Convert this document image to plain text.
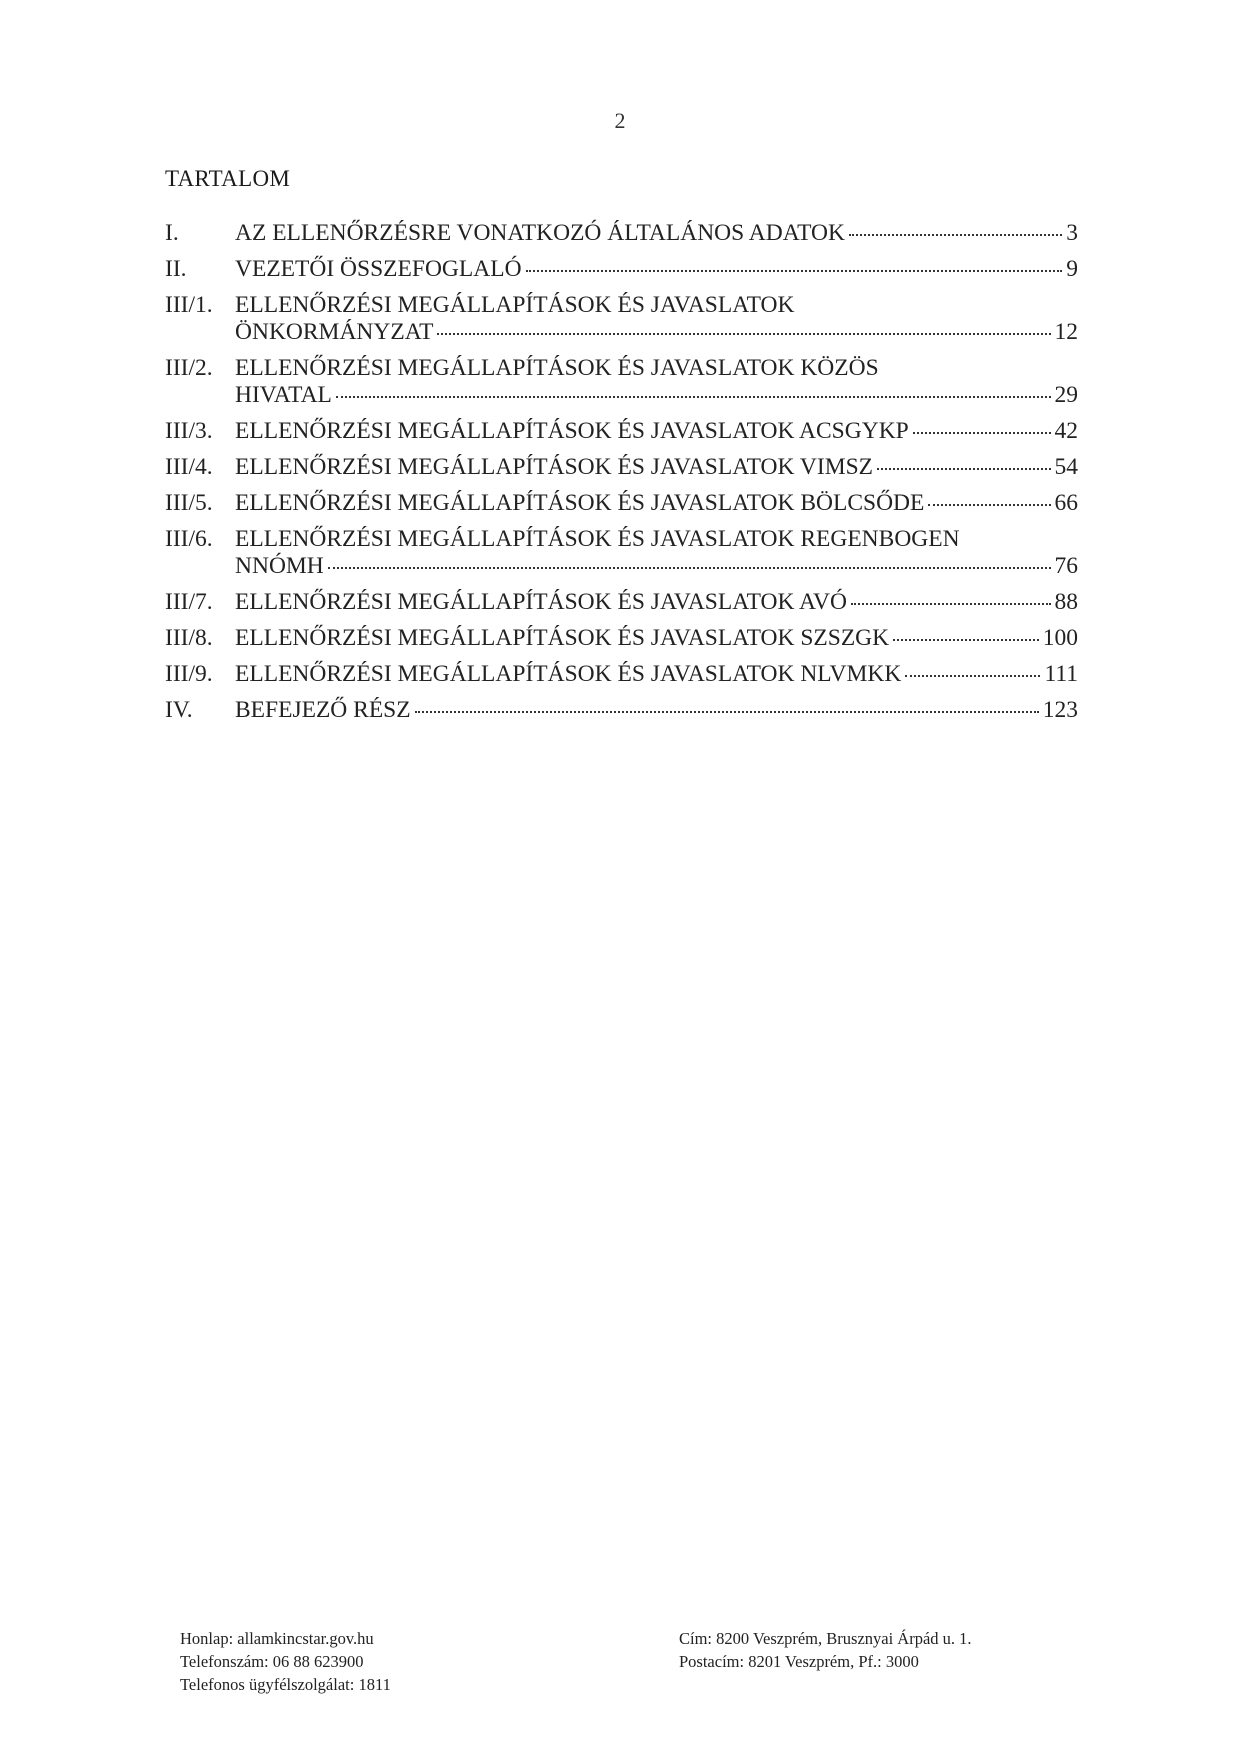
2
TARTALOM
I.	AZ ELLENŐRZÉSRE VONATKOZÓ ÁLTALÁNOS ADATOK	3
II.	VEZETŐI ÖSSZEFOGLALÓ	9
III/1. ELLENŐRZÉSI MEGÁLLAPÍTÁSOK ÉS JAVASLATOK
ÖNKORMÁNYZAT	12
III/2. ELLENŐRZÉSI MEGÁLLAPÍTÁSOK ÉS JAVASLATOK KÖZÖS
HIVATAL	29
III/3. ELLENŐRZÉSI MEGÁLLAPÍTÁSOK ÉS JAVASLATOK ACSGYKP	42
III/4. ELLENŐRZÉSI MEGÁLLAPÍTÁSOK ÉS JAVASLATOK VIMSZ	54
III/5. ELLENŐRZÉSI MEGÁLLAPÍTÁSOK ÉS JAVASLATOK BÖLCSŐDE	66
III/6. ELLENŐRZÉSI MEGÁLLAPÍTÁSOK ÉS JAVASLATOK REGENBOGEN
NNÓMH	76
III/7. ELLENŐRZÉSI MEGÁLLAPÍTÁSOK ÉS JAVASLATOK AVÓ	88
III/8. ELLENŐRZÉSI MEGÁLLAPÍTÁSOK ÉS JAVASLATOK SZSZGK	100
III/9. ELLENŐRZÉSI MEGÁLLAPÍTÁSOK ÉS JAVASLATOK NLVMKK	111
IV.	BEFEJEZŐ RÉSZ	123
Honlap: allamkincstar.gov.hu
Telefonszám: 06 88 623900
Telefonos ügyfélszolgálat: 1811
Cím: 8200 Veszprém, Brusznyai Árpád u. 1.
Postacím: 8201 Veszprém, Pf.: 3000
